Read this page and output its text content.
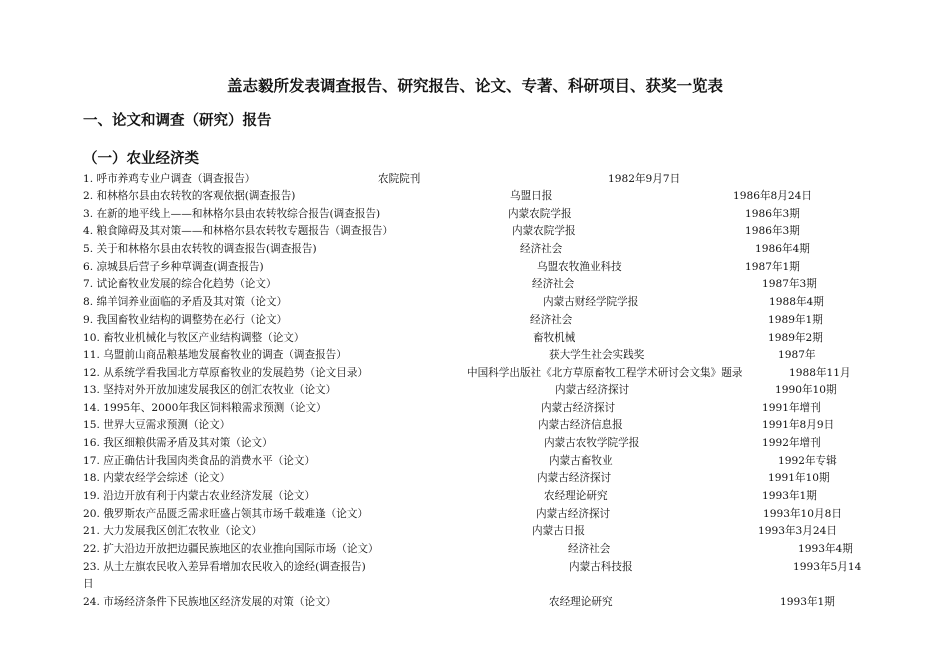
盖志毅所发表调查报告、研究报告、论文、专著、科研项目、获奖一览表
一、论文和调查（研究）报告
（一）农业经济类
1. 呼市养鸡专业户调查（调查报告）	农院院刊	1982年9月7日
2. 和林格尔县由农转牧的客观依据(调查报告)	乌盟日报	1986年8月24日
3. 在新的地平线上——和林格尔县由农转牧综合报告(调查报告)	内蒙农院学报	1986年3期
4. 粮食障碍及其对策——和林格尔县农转牧专题报告（调查报告）	内蒙农院学报	1986年3期
5. 关于和林格尔县由农转牧的调查报告(调查报告)	经济社会	1986年4期
6. 凉城县后营子乡种草调查(调查报告)	乌盟农牧渔业科技	1987年1期
7. 试论畜牧业发展的综合化趋势（论文）	经济社会	1987年3期
8. 绵羊饲养业面临的矛盾及其对策（论文）	内蒙古财经学院学报	1988年4期
9. 我国畜牧业结构的调整势在必行（论文）	经济社会	1989年1期
10. 畜牧业机械化与牧区产业结构调整（论文）	畜牧机械	1989年2期
11. 乌盟前山商品粮基地发展畜牧业的调查（调查报告）	获大学生社会实践奖	1987年
12. 从系统学看我国北方草原畜牧业的发展趋势（论文目录）	中国科学出版社《北方草原畜牧工程学术研讨会文集》题录	1988年11月
13. 坚持对外开放加速发展我区的创汇农牧业（论文）	内蒙古经济探讨	1990年10期
14. 1995年、2000年我区饲料粮需求预测（论文）	内蒙古经济探讨	1991年增刊
15. 世界大豆需求预测（论文）	内蒙古经济信息报	1991年8月9日
16. 我区细粮供需矛盾及其对策（论文）	内蒙古农牧学院学报	1992年增刊
17. 应正确估计我国肉类食品的消费水平（论文）	内蒙古畜牧业	1992年专辑
18. 内蒙农经学会综述（论文）	内蒙古经济探讨	1991年10期
19. 沿边开放有利于内蒙古农业经济发展（论文）	农经理论研究	1993年1期
20. 俄罗斯农产品匮乏需求旺盛占领其市场千载难逢（论文）	内蒙古经济探讨	1993年10月8日
21. 大力发展我区创汇农牧业（论文）	内蒙古日报	1993年3月24日
22. 扩大沿边开放把边疆民族地区的农业推向国际市场（论文）	经济社会	1993年4期
23. 从土左旗农民收入差异看增加农民收入的途经(调查报告)	内蒙古科技报	1993年5月14
日
24. 市场经济条件下民族地区经济发展的对策（论文）	农经理论研究	1993年1期
